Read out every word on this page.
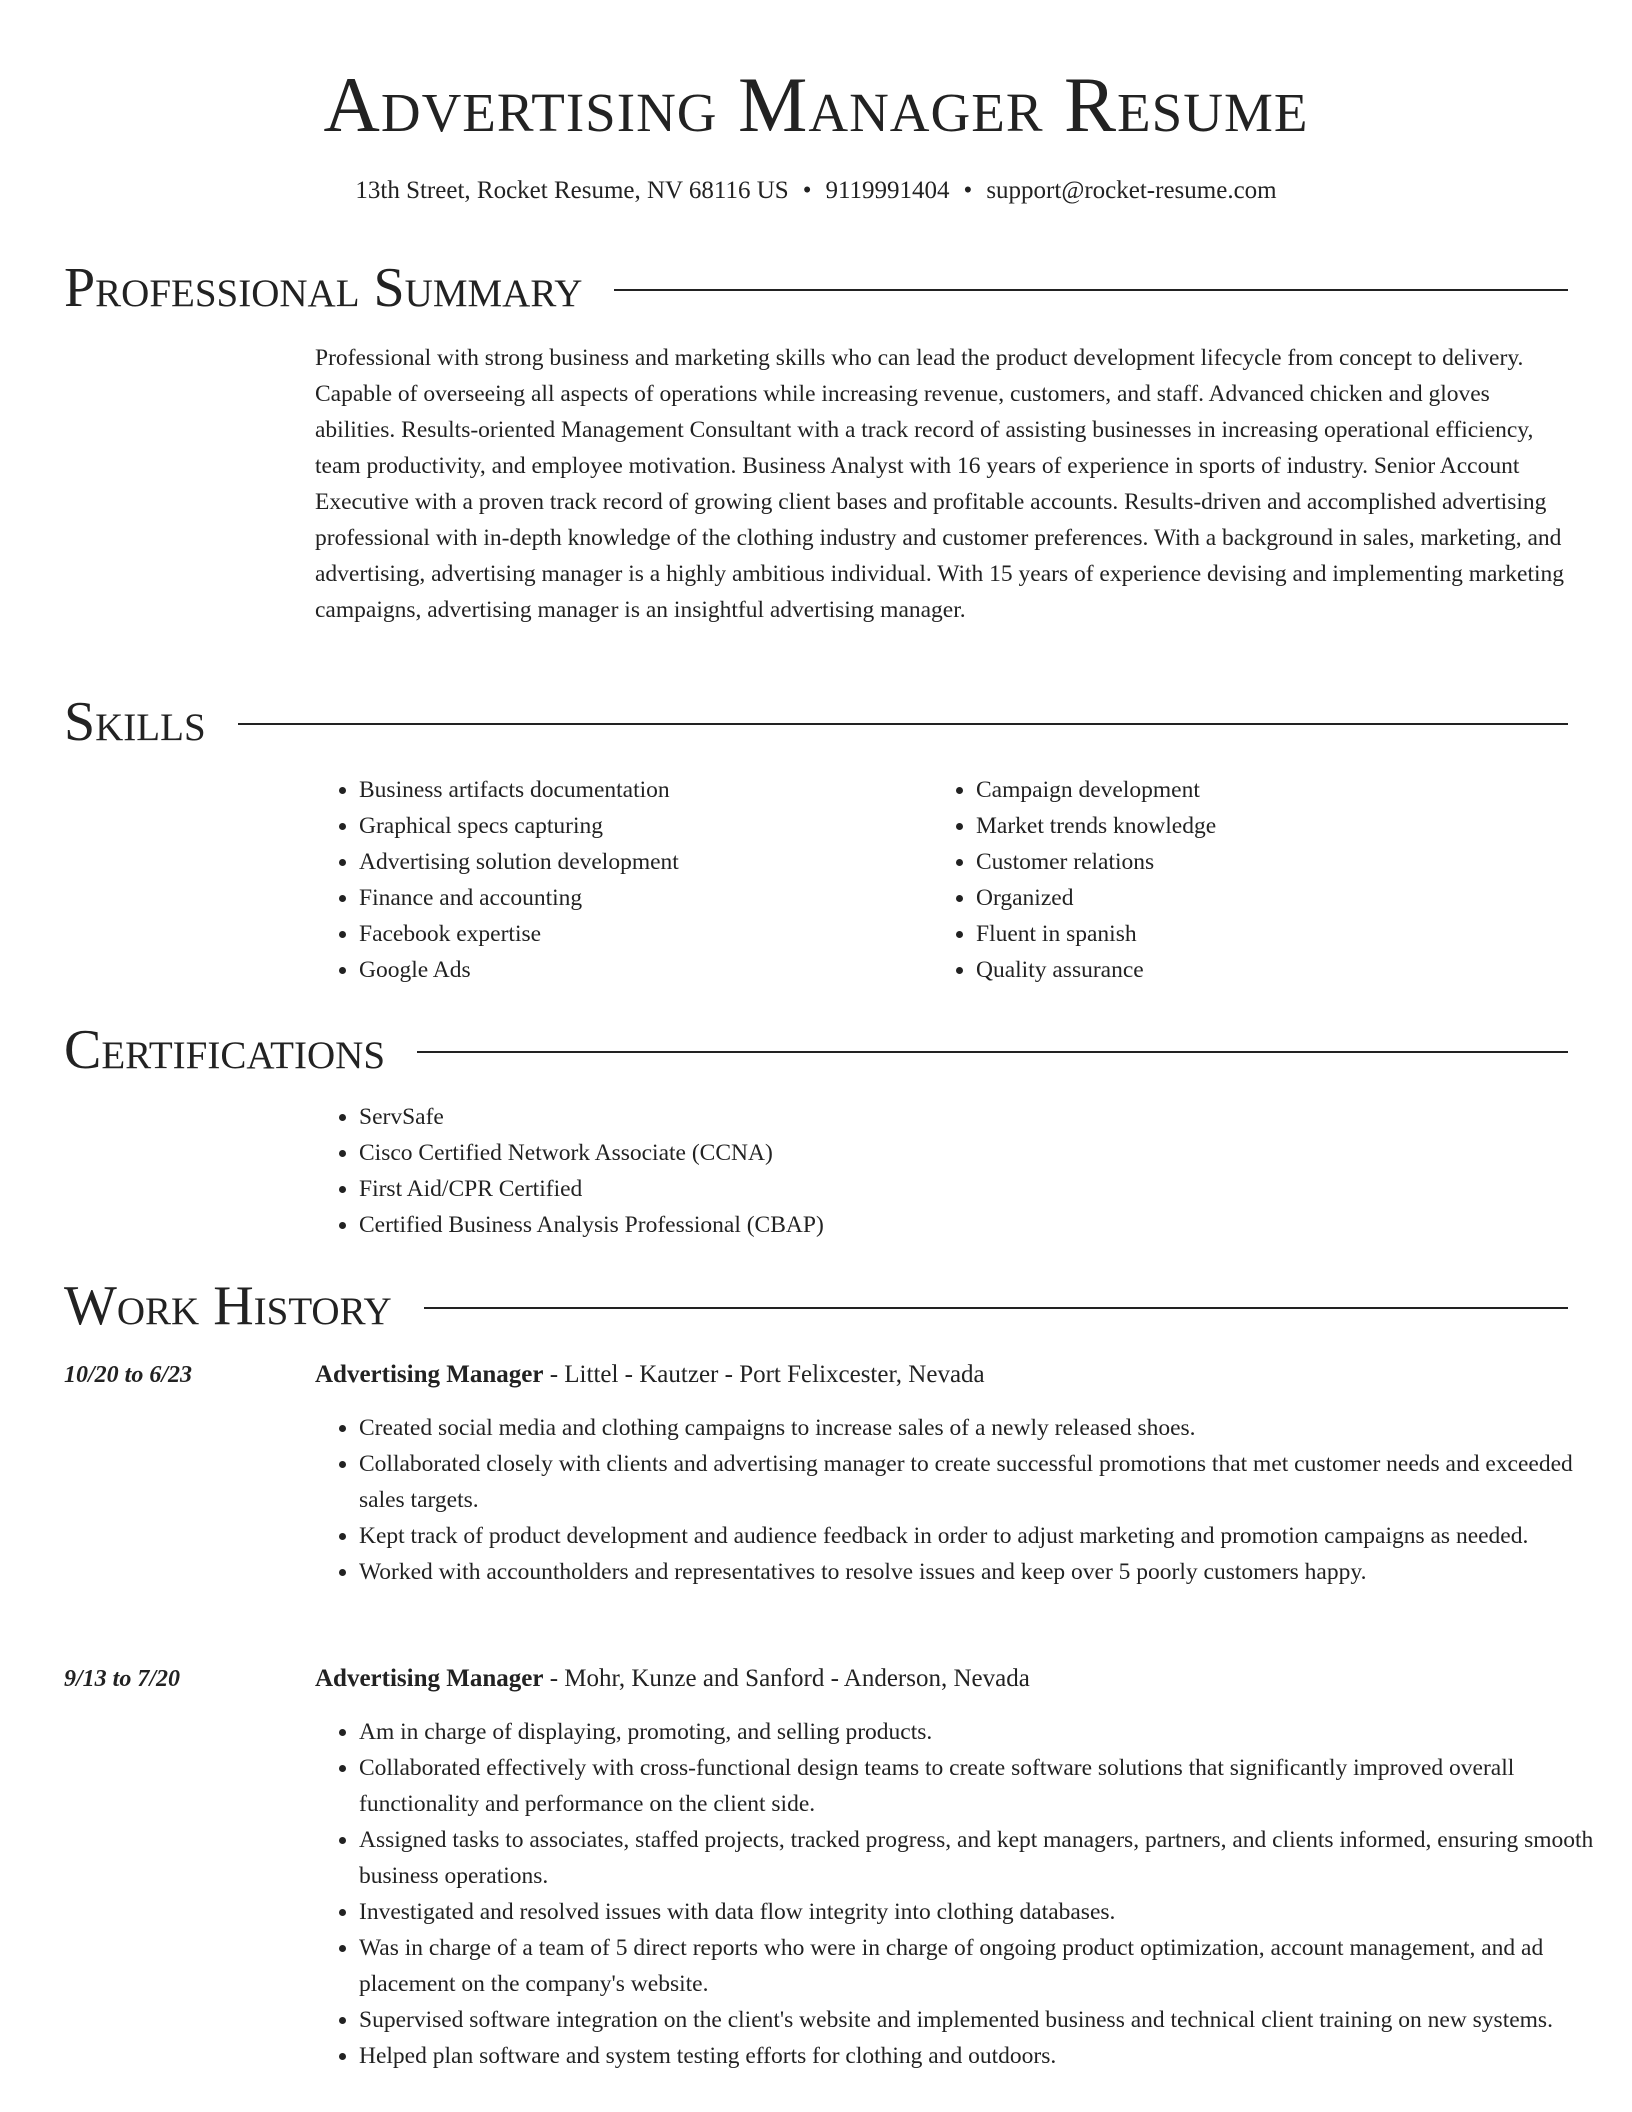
Advertising Manager Resume
13th Street, Rocket Resume, NV 68116 US • 9119991404 • support@rocket-resume.com
Professional Summary

Professional with strong business and marketing skills who can lead the product development lifecycle from concept to delivery. Capable of overseeing all aspects of operations while increasing revenue, customers, and staff. Advanced chicken and gloves abilities. Results-oriented Management Consultant with a track record of assisting businesses in increasing operational efficiency, team productivity, and employee motivation. Business Analyst with 16 years of experience in sports of industry. Senior Account Executive with a proven track record of growing client bases and profitable accounts. Results-driven and accomplished advertising professional with in-depth knowledge of the clothing industry and customer preferences. With a background in sales, marketing, and advertising, advertising manager is a highly ambitious individual. With 15 years of experience devising and implementing marketing campaigns, advertising manager is an insightful advertising manager.

Skills
• Business artifacts documentation
• Graphical specs capturing
• Advertising solution development
• Finance and accounting
• Facebook expertise
• Google Ads
• Campaign development
• Market trends knowledge
• Customer relations
• Organized
• Fluent in spanish
• Quality assurance
Certifications
• ServSafe
• Cisco Certified Network Associate (CCNA)
• First Aid/CPR Certified
• Certified Business Analysis Professional (CBAP)
Work History
10/20 to 6/23	Advertising Manager - Littel - Kautzer - Port Felixcester, Nevada
• Created social media and clothing campaigns to increase sales of a newly released shoes.
• Collaborated closely with clients and advertising manager to create successful promotions that met customer needs and exceeded sales targets.
• Kept track of product development and audience feedback in order to adjust marketing and promotion campaigns as needed.
• Worked with accountholders and representatives to resolve issues and keep over 5 poorly customers happy.
9/13 to 7/20	Advertising Manager - Mohr, Kunze and Sanford - Anderson, Nevada
• Am in charge of displaying, promoting, and selling products.
• Collaborated effectively with cross-functional design teams to create software solutions that significantly improved overall functionality and performance on the client side.
• Assigned tasks to associates, staffed projects, tracked progress, and kept managers, partners, and clients informed, ensuring smooth business operations.
• Investigated and resolved issues with data flow integrity into clothing databases.
• Was in charge of a team of 5 direct reports who were in charge of ongoing product optimization, account management, and ad placement on the company's website.
• Supervised software integration on the client's website and implemented business and technical client training on new systems.
• Helped plan software and system testing efforts for clothing and outdoors.
